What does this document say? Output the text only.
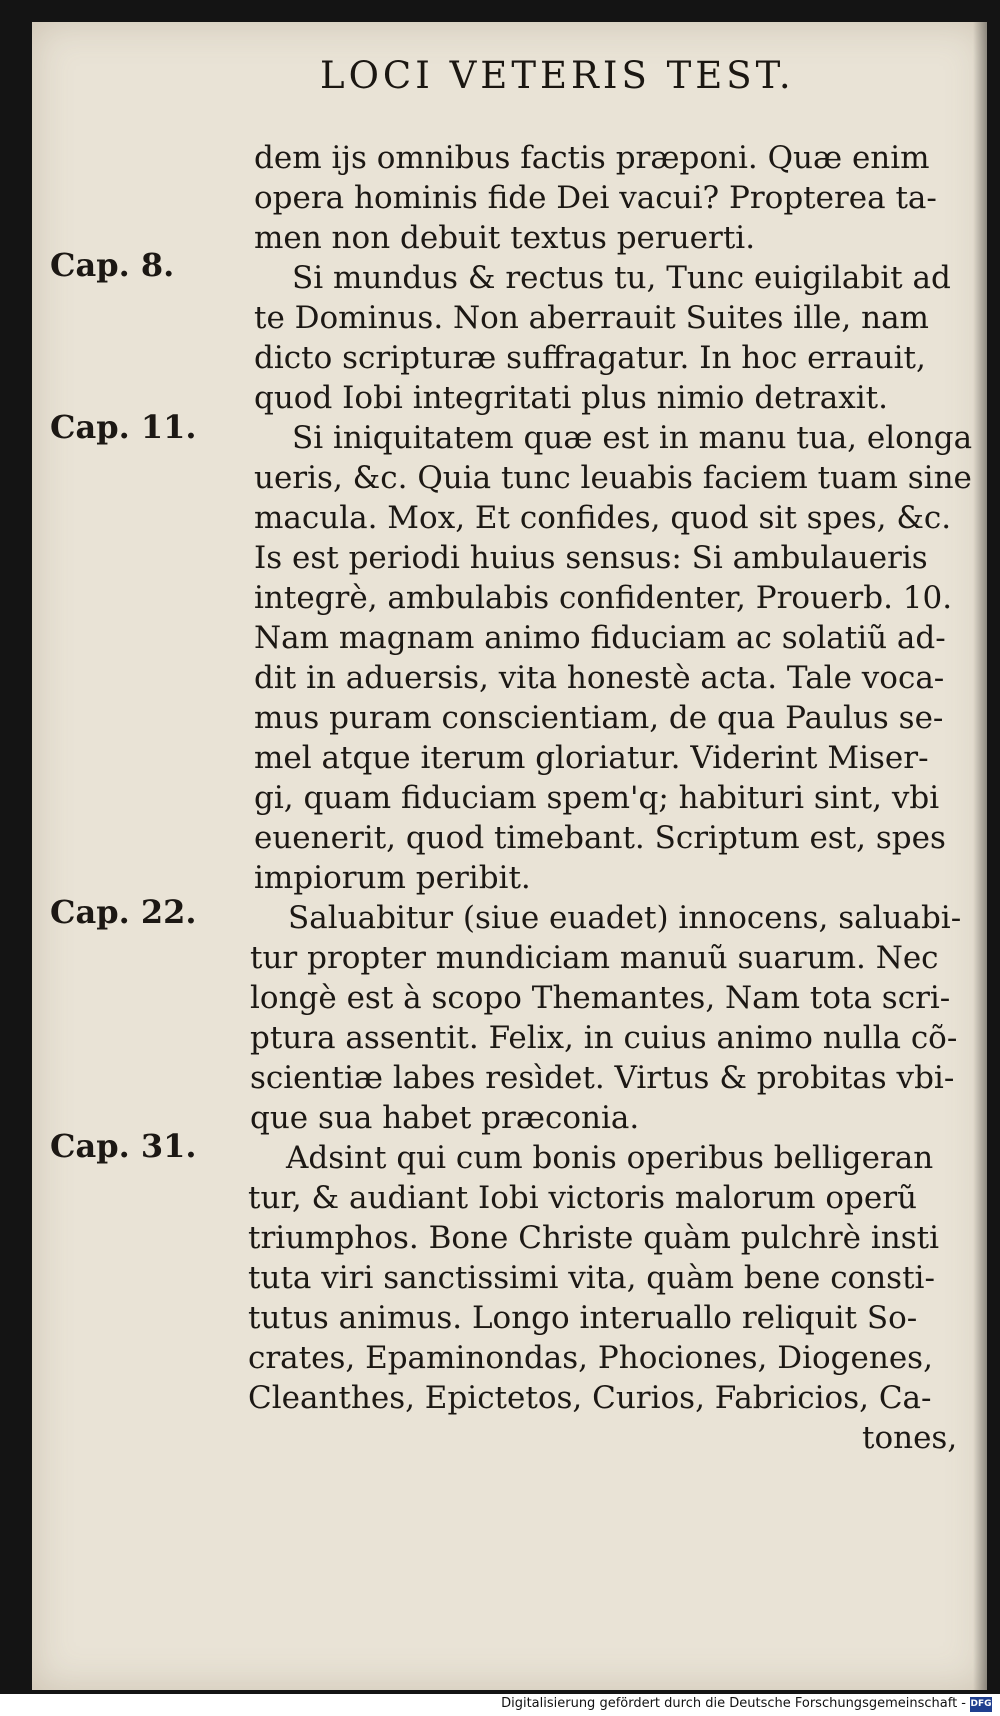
LOCI VETERIS TEST.
Cap. 8.
Cap. 11.
Cap. 22.
Cap. 31.
dem ijs omnibus factis præponi. Quæ enim
opera hominis fide Dei vacui? Propterea ta-
men non debuit textus peruerti.
Si mundus & rectus tu, Tunc euigilabit ad
te Dominus. Non aberrauit Suites ille, nam
dicto scripturæ suffragatur. In hoc errauit,
quod Iobi integritati plus nimio detraxit.
Si iniquitatem quæ est in manu tua, elonga
ueris, &c. Quia tunc leuabis faciem tuam sine
macula. Mox, Et confides, quod sit spes, &c.
Is est periodi huius sensus: Si ambulaueris
integrè, ambulabis confidenter, Prouerb. 10.
Nam magnam animo fiduciam ac solatiũ ad-
dit in aduersis, vita honestè acta. Tale voca-
mus puram conscientiam, de qua Paulus se-
mel atque iterum gloriatur. Viderint Miser-
gi, quam fiduciam spem'q; habituri sint, vbi
euenerit, quod timebant. Scriptum est, spes
impiorum peribit.
Saluabitur (siue euadet) innocens, saluabi-
tur propter mundiciam manuũ suarum. Nec
longè est à scopo Themantes, Nam tota scri-
ptura assentit. Felix, in cuius animo nulla cõ-
scientiæ labes resìdet. Virtus & probitas vbi-
que sua habet præconia.
Adsint qui cum bonis operibus belligeran
tur, & audiant Iobi victoris malorum operũ
triumphos. Bone Christe quàm pulchrè insti
tuta viri sanctissimi vita, quàm bene consti-
tutus animus. Longo interuallo reliquit So-
crates, Epaminondas, Phociones, Diogenes,
Cleanthes, Epictetos, Curios, Fabricios, Ca-
tones,
Digitalisierung gefördert durch die Deutsche Forschungsgemeinschaft - DFG
